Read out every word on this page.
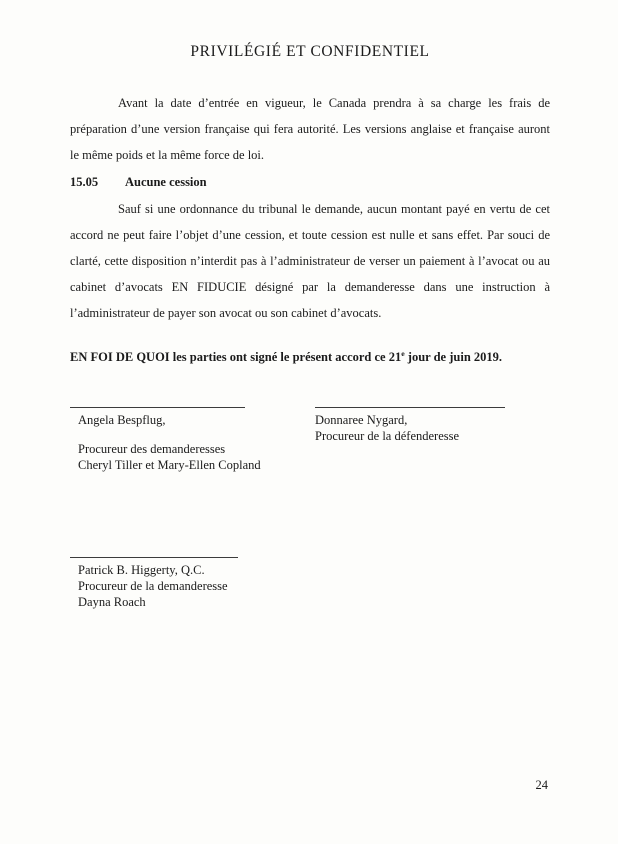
PRIVILÉGIÉ ET CONFIDENTIEL

Avant la date d’entrée en vigueur, le Canada prendra à sa charge les frais de préparation d’une version française qui fera autorité. Les versions anglaise et française auront le même poids et la même force de loi.

15.05	Aucune cession

Sauf si une ordonnance du tribunal le demande, aucun montant payé en vertu de cet accord ne peut faire l’objet d’une cession, et toute cession est nulle et sans effet. Par souci de clarté, cette disposition n’interdit pas à l’administrateur de verser un paiement à l’avocat ou au cabinet d’avocats EN FIDUCIE désigné par la demanderesse dans une instruction à l’administrateur de payer son avocat ou son cabinet d’avocats.

EN FOI DE QUOI les parties ont signé le présent accord ce 21e jour de juin 2019.

Angela Bespflug,
Procureur des demanderesses
Cheryl Tiller et Mary-Ellen Copland
Donnaree Nygard,
Procureur de la défenderesse
Patrick B. Higgerty, Q.C.
Procureur de la demanderesse
Dayna Roach
24
